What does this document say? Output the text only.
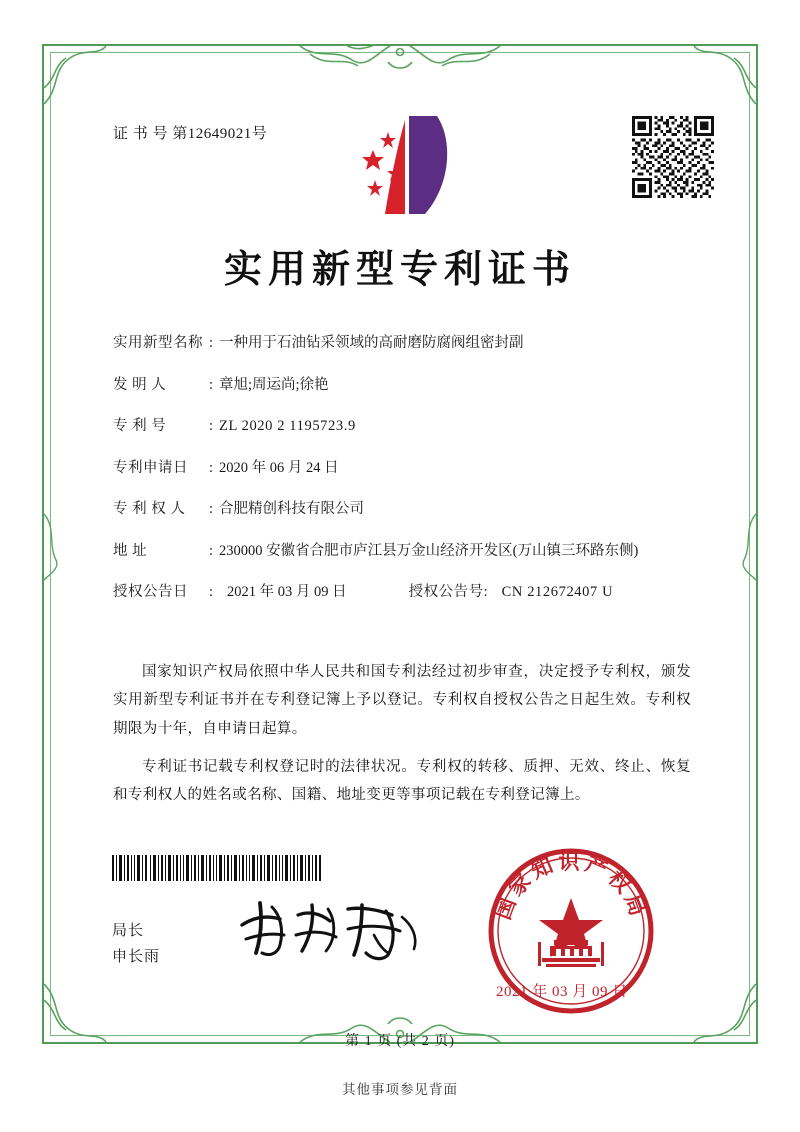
证 书 号 第12649021号
实用新型专利证书
实用新型名称 : 一种用于石油钻采领域的高耐磨防腐阀组密封副
发 明 人	: 章旭;周运尚;徐艳
专 利 号	: ZL 2020 2 1195723.9
专利申请日	: 2020 年 06 月 24 日
专 利 权 人	: 合肥精创科技有限公司
地 址	: 230000 安徽省合肥市庐江县万金山经济开发区(万山镇三环路东侧)
授权公告日	: 2021 年 03 月 09 日	授权公告号 : CN 212672407 U

国家知识产权局依照中华人民共和国专利法经过初步审查，决定授予专利权，颁发实用新型专利证书并在专利登记簿上予以登记。专利权自授权公告之日起生效。专利权期限为十年，自申请日起算。

专利证书记载专利权登记时的法律状况。专利权的转移、质押、无效、终止、恢复和专利权人的姓名或名称、国籍、地址变更等事项记载在专利登记簿上。

局长
申长雨
国家知识产权局
2021 年 03 月 09 日
第 1 页 (共 2 页)
其他事项参见背面
